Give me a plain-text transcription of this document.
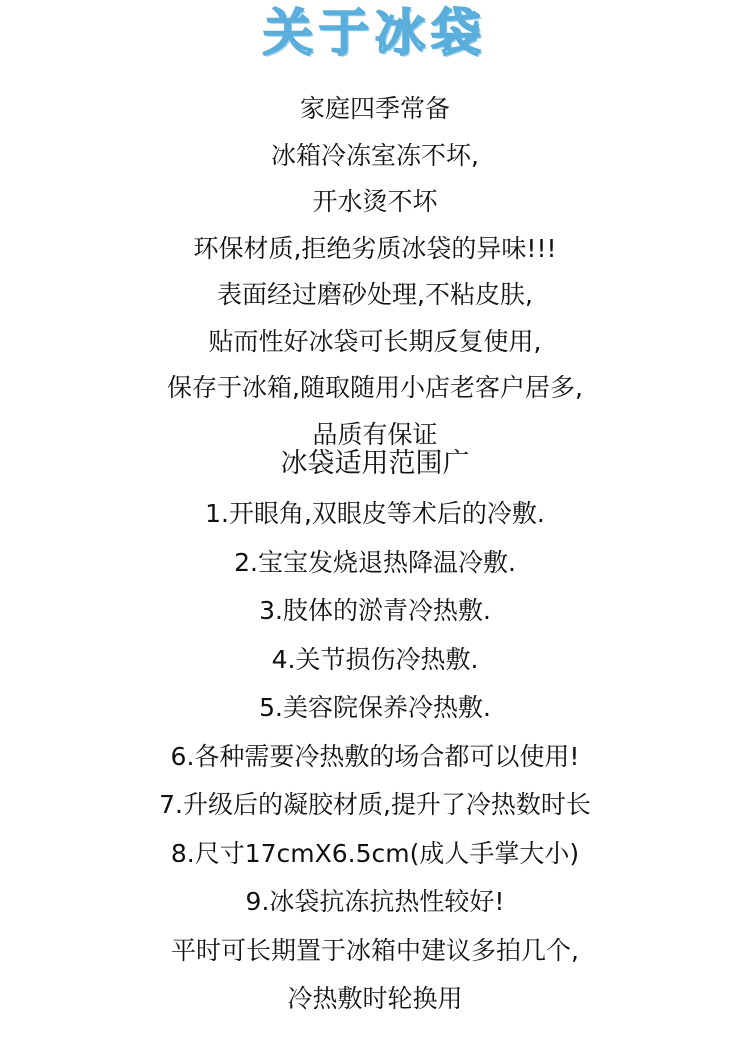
关于冰袋
家庭四季常备
冰箱冷冻室冻不坏,
开水烫不坏
环保材质,拒绝劣质冰袋的异味!!!
表面经过磨砂处理,不粘皮肤,
贴而性好冰袋可长期反复使用,
保存于冰箱,随取随用小店老客户居多,
品质有保证
冰袋适用范围广
1.开眼角,双眼皮等术后的冷敷.
2.宝宝发烧退热降温冷敷.
3.肢体的淤青冷热敷.
4.关节损伤冷热敷.
5.美容院保养冷热敷.
6.各种需要冷热敷的场合都可以使用!
7.升级后的凝胶材质,提升了冷热数时长
8.尺寸17cmX6.5cm(成人手掌大小)
9.冰袋抗冻抗热性较好!
平时可长期置于冰箱中建议多拍几个,
冷热敷时轮换用
